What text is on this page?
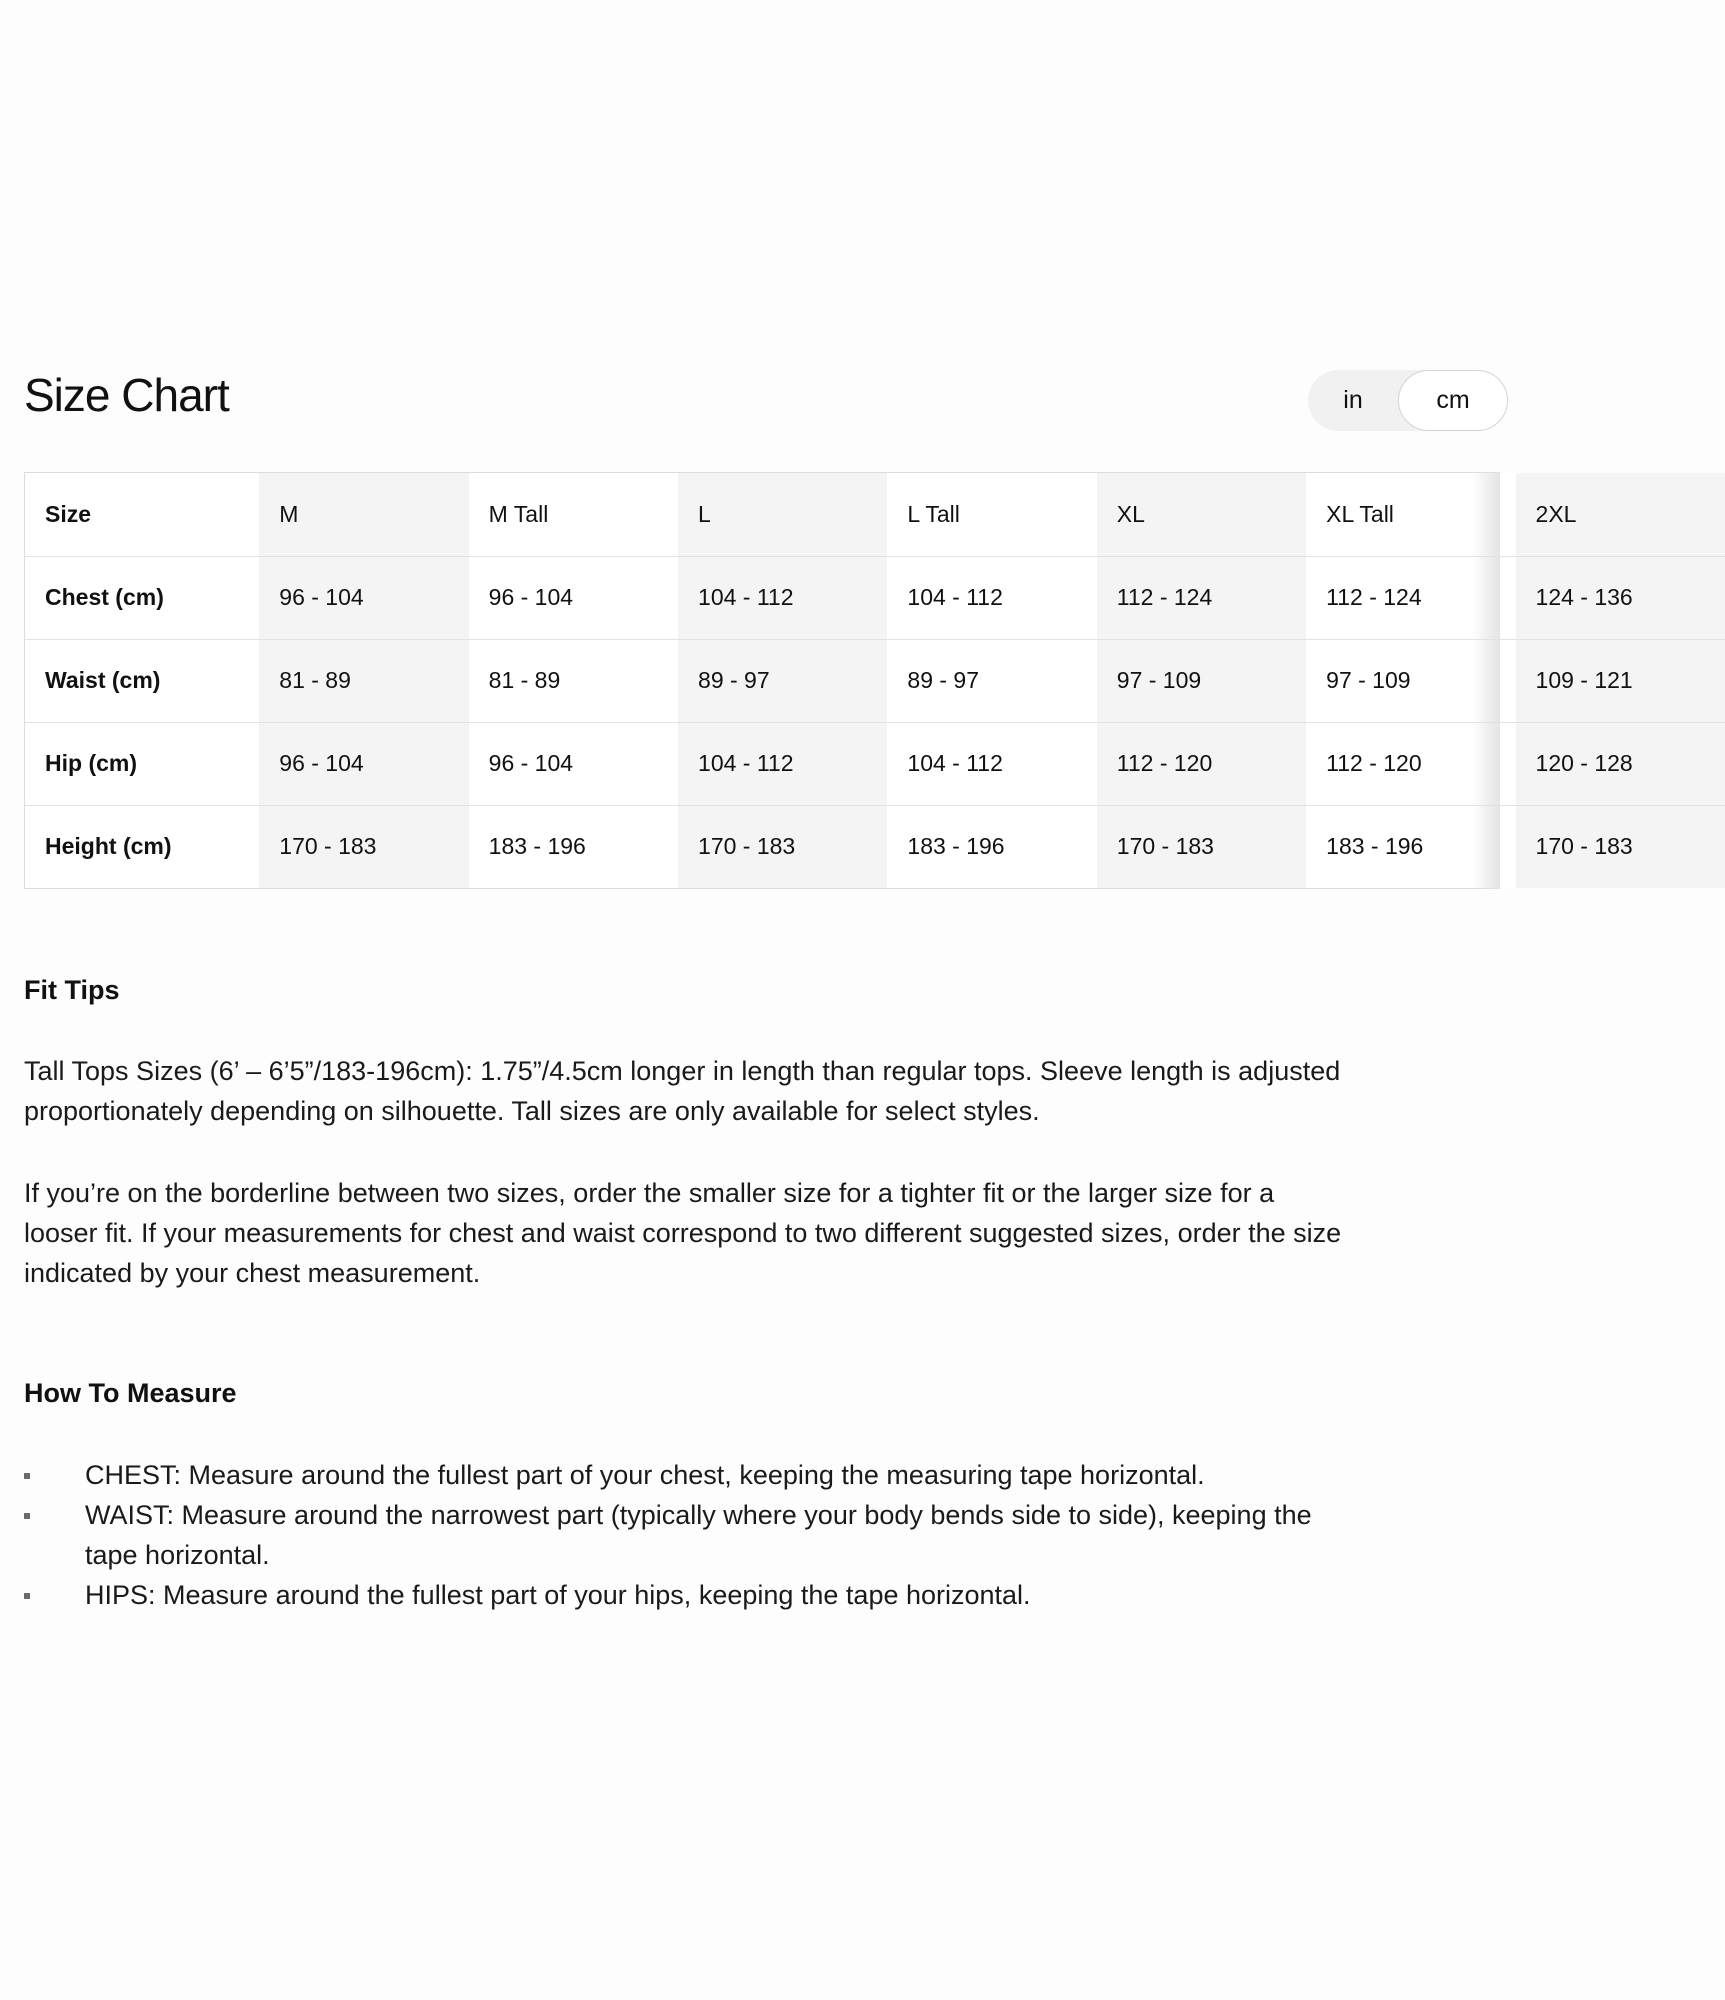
Size Chart	in	cm
Size	M	M Tall	L	L Tall	XL	XL Tall	2XL
Chest (cm)	96 - 104	96 - 104	104 - 112	104 - 112	112 - 124	112 - 124	124 - 136
Waist (cm)	81 - 89	81 - 89	89 - 97	89 - 97	97 - 109	97 - 109	109 - 121
Hip (cm)	96 - 104	96 - 104	104 - 112	104 - 112	112 - 120	112 - 120	120 - 128
Height (cm)	170 - 183	183 - 196	170 - 183	183 - 196	170 - 183	183 - 196	170 - 183
Fit Tips

Tall Tops Sizes (6’ – 6’5”/183-196cm): 1.75”/4.5cm longer in length than regular tops. Sleeve length is adjusted proportionately depending on silhouette. Tall sizes are only available for select styles.

If you’re on the borderline between two sizes, order the smaller size for a tighter fit or the larger size for a looser fit. If your measurements for chest and waist correspond to two different suggested sizes, order the size indicated by your chest measurement.

How To Measure
CHEST: Measure around the fullest part of your chest, keeping the measuring tape horizontal.
WAIST: Measure around the narrowest part (typically where your body bends side to side), keeping the tape horizontal.
HIPS: Measure around the fullest part of your hips, keeping the tape horizontal.
